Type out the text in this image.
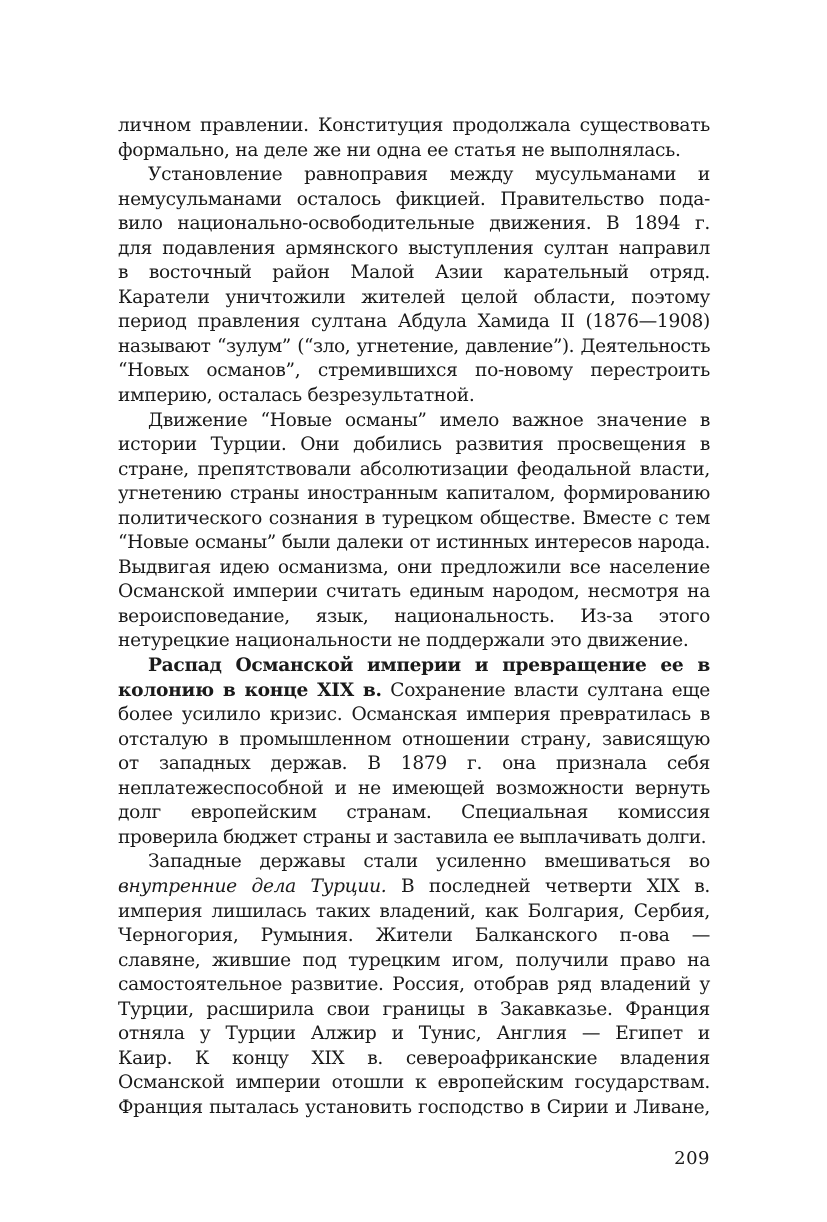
личном правлении. Конституция продолжала существовать
формально, на деле же ни одна ее статья не выполнялась.
Установление равноправия между мусульманами и
немусульманами осталось фикцией. Правительство пода-
вило национально-освободительные движения. В 1894 г.
для подавления армянского выступления султан направил
в восточный район Малой Азии карательный отряд.
Каратели уничтожили жителей целой области, поэтому
период правления султана Абдула Хамида II (1876—1908)
называют “зулум” (“зло, угнетение, давление”). Деятельность
“Новых османов”, стремившихся по-новому перестроить
империю, осталась безрезультатной.
Движение “Новые османы” имело важное значение в
истории Турции. Они добились развития просвещения в
стране, препятствовали абсолютизации феодальной власти,
угнетению страны иностранным капиталом, формированию
политического сознания в турецком обществе. Вместе с тем
“Новые османы” были далеки от истинных интересов народа.
Выдвигая идею османизма, они предложили все население
Османской империи считать единым народом, несмотря на
вероисповедание, язык, национальность. Из-за этого
нетурецкие национальности не поддержали это движение.
Распад Османской империи и превращение ее в
колонию в конце XIX в. Сохранение власти султана еще
более усилило кризис. Османская империя превратилась в
отсталую в промышленном отношении страну, зависящую
от западных держав. В 1879 г. она признала себя
неплатежеспособной и не имеющей возможности вернуть
долг европейским странам. Специальная комиссия
проверила бюджет страны и заставила ее выплачивать долги.
Западные державы стали усиленно вмешиваться во
внутренние дела Турции. В последней четверти XIX в.
империя лишилась таких владений, как Болгария, Сербия,
Черногория, Румыния. Жители Балканского п-ова —
славяне, жившие под турецким игом, получили право на
самостоятельное развитие. Россия, отобрав ряд владений у
Турции, расширила свои границы в Закавказье. Франция
отняла у Турции Алжир и Тунис, Англия — Египет и
Каир. К концу XIX в. североафриканские владения
Османской империи отошли к европейским государствам.
Франция пыталась установить господство в Сирии и Ливане,
209
